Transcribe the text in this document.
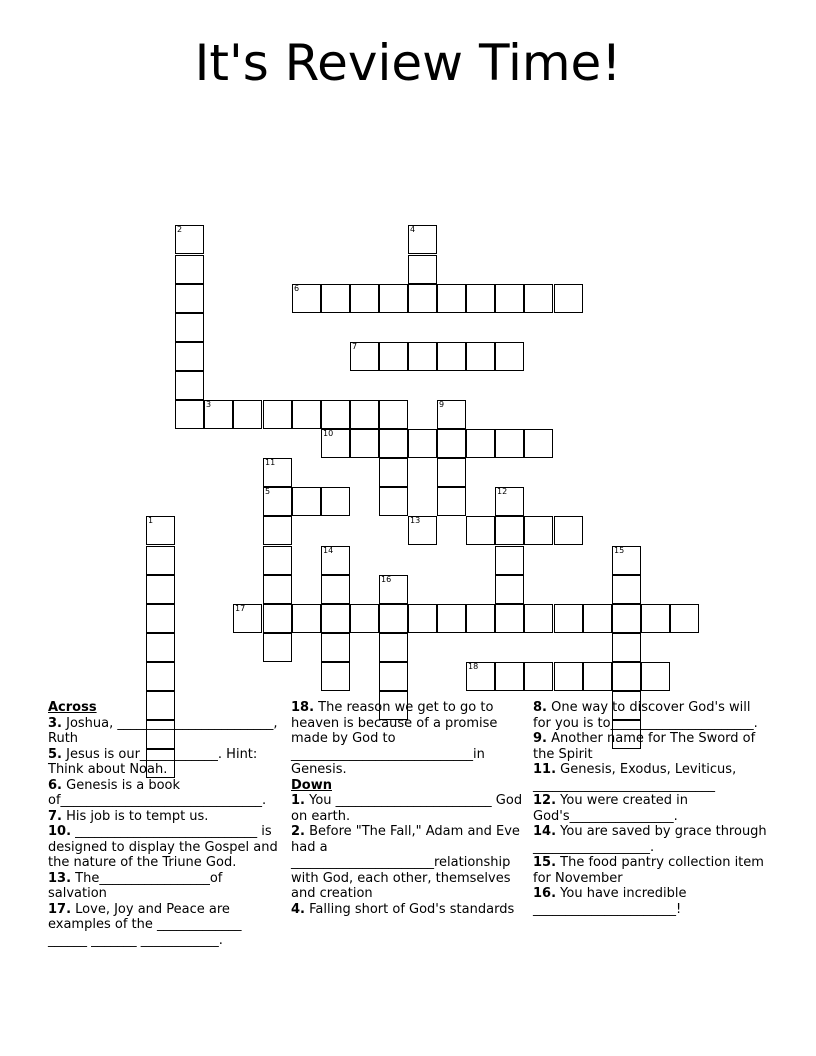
It's Review Time!
1
2
3
5
4
6
7
9
10
11
12
13
14	15
16
17
18
Across
3. Joshua, ________________________, Ruth
5. Jesus is our____________. Hint: Think about Noah.
6. Genesis is a book of_______________________________.
7. His job is to tempt us.
10. ____________________________ is designed to display the Gospel and the nature of the Triune God.
13. The_________________of salvation
17. Love, Joy and Peace are examples of the _____________ ______ _______ ____________.
18. The reason we get to go to heaven is because of a promise made by God to ____________________________in Genesis.
Down
1. You ________________________ God on earth.
2. Before "The Fall," Adam and Eve had a ______________________relationship with God, each other, themselves and creation
4. Falling short of God's standards
8. One way to discover God's will for you is to______________________.
9. Another name for The Sword of the Spirit
11. Genesis, Exodus, Leviticus, ____________________________
12. You were created in God's________________.
14. You are saved by grace through __________________.
15. The food pantry collection item for November
16. You have incredible ______________________!
